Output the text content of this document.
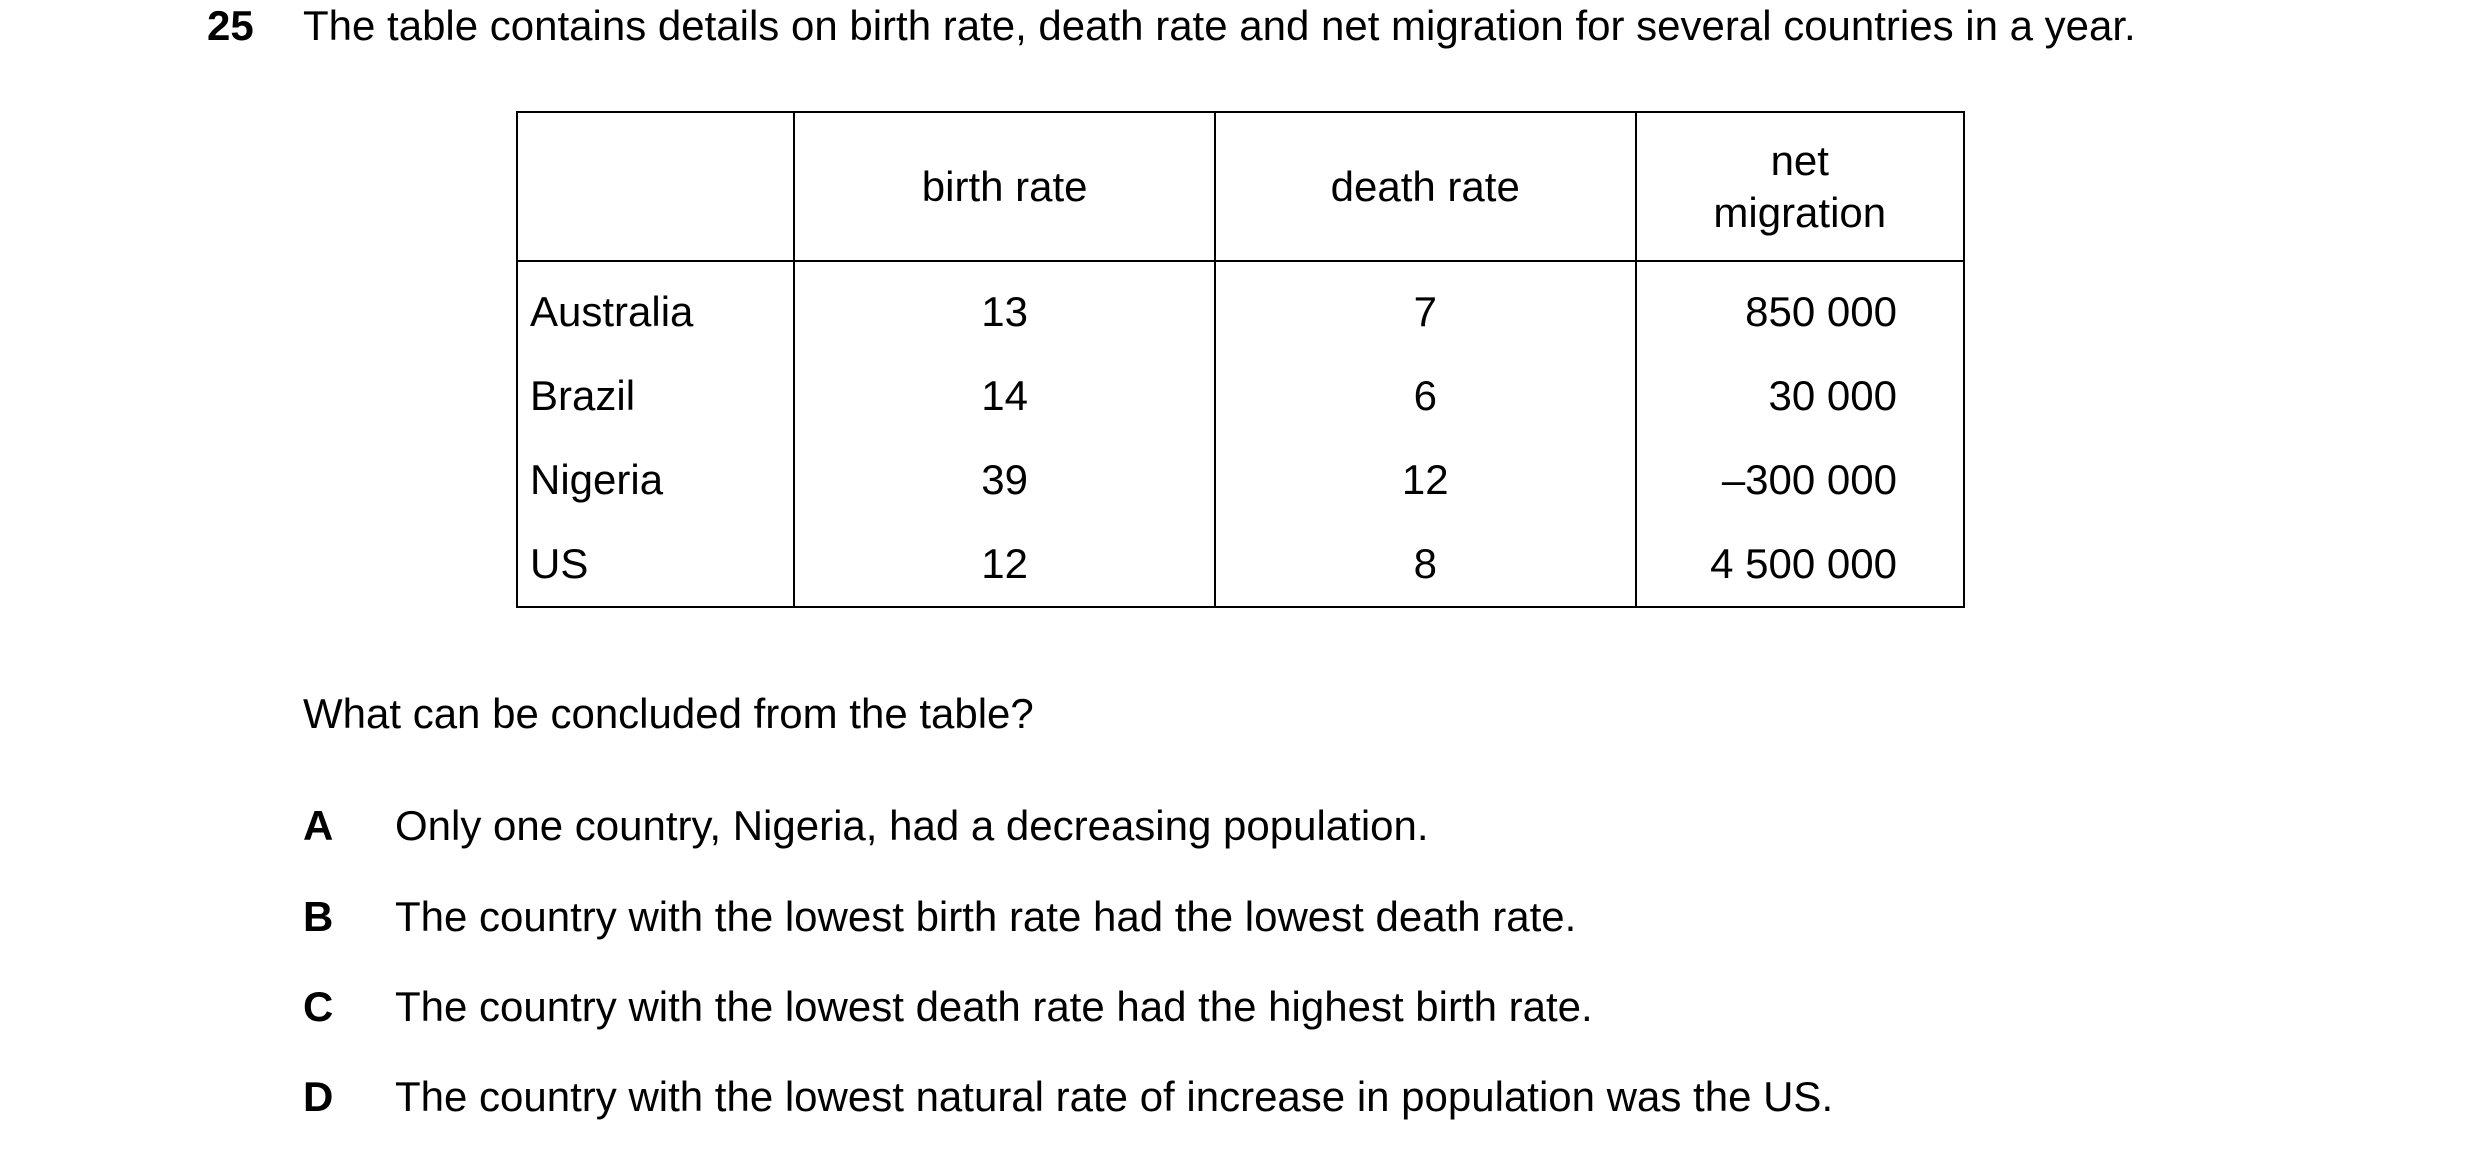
25 The table contains details on birth rate, death rate and net migration for several countries in a year.
	birth rate	death rate	net migration
Australia	13	7	850 000
Brazil	14	6	30 000
Nigeria	39	12	–300 000
US	12	8	4 500 000
What can be concluded from the table?
A Only one country, Nigeria, had a decreasing population.
B The country with the lowest birth rate had the lowest death rate.
C The country with the lowest death rate had the highest birth rate.
D The country with the lowest natural rate of increase in population was the US.
